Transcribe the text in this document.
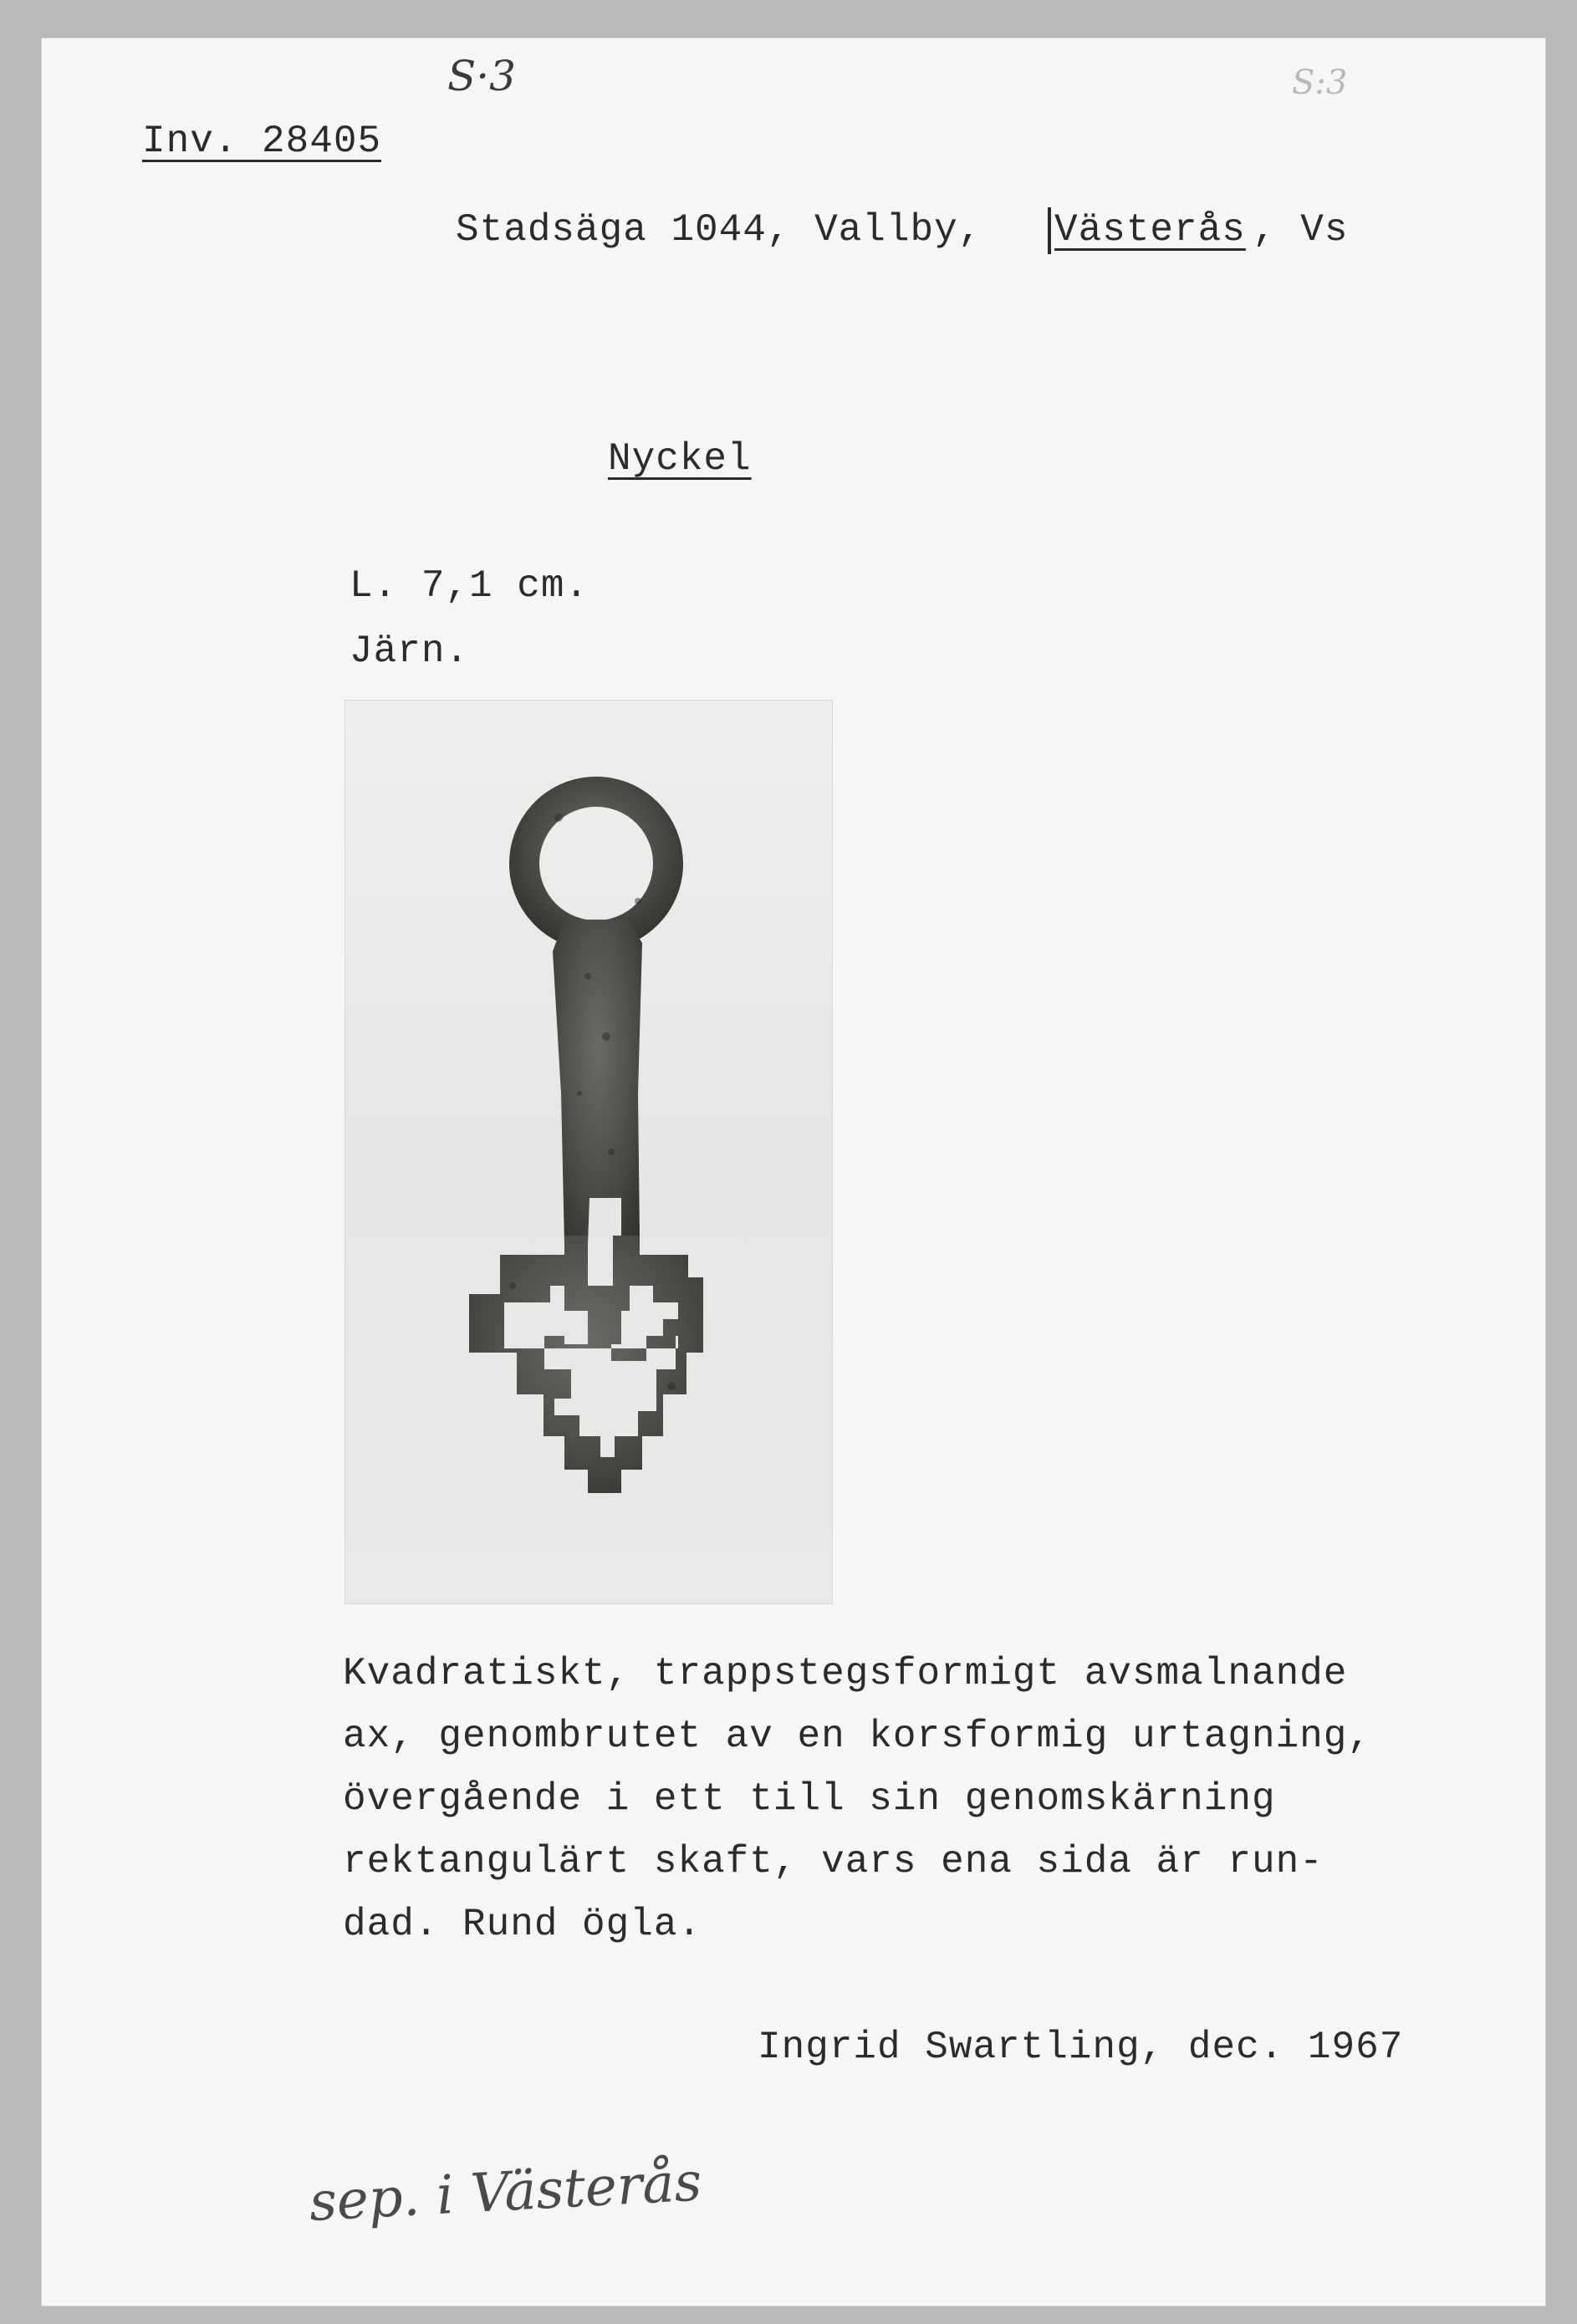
S·3	S:3
Inv. 28405
Stadsäga 1044, Vallby, Västerås , Vs
Nyckel
L. 7,1 cm.
Järn.
Kvadratiskt, trappstegsformigt avsmalnande
ax, genombrutet av en korsformig urtagning,
övergående i ett till sin genomskärning
rektangulärt skaft, vars ena sida är run-
dad. Rund ögla.
Ingrid Swartling, dec. 1967
sep. i Västerås
